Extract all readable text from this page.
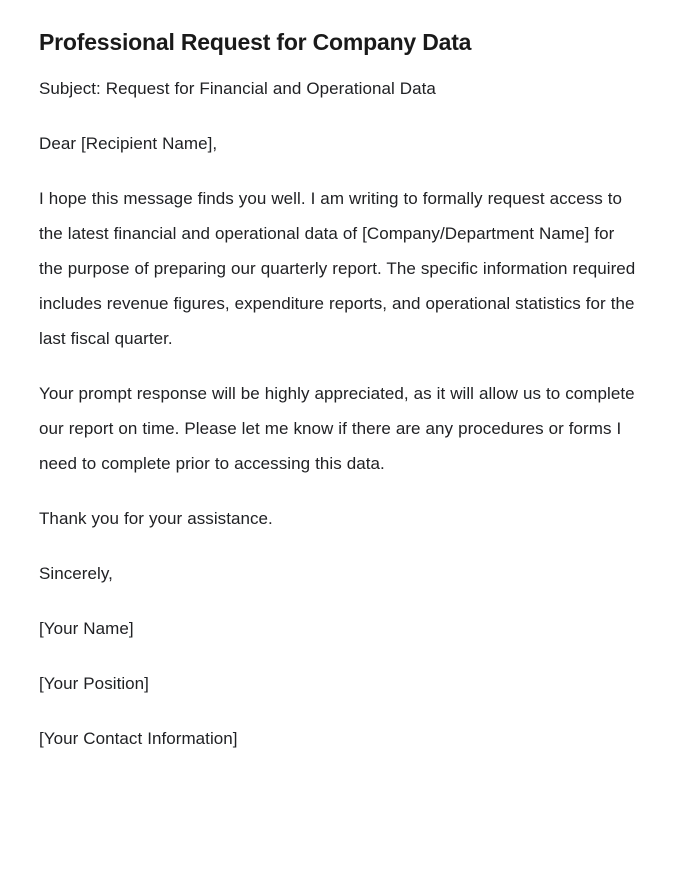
Professional Request for Company Data

Subject: Request for Financial and Operational Data

Dear [Recipient Name],

I hope this message finds you well. I am writing to formally request access to the latest financial and operational data of [Company/Department Name] for the purpose of preparing our quarterly report. The specific information required includes revenue figures, expenditure reports, and operational statistics for the last fiscal quarter.

Your prompt response will be highly appreciated, as it will allow us to complete our report on time. Please let me know if there are any procedures or forms I need to complete prior to accessing this data.

Thank you for your assistance.

Sincerely,

[Your Name]

[Your Position]

[Your Contact Information]
